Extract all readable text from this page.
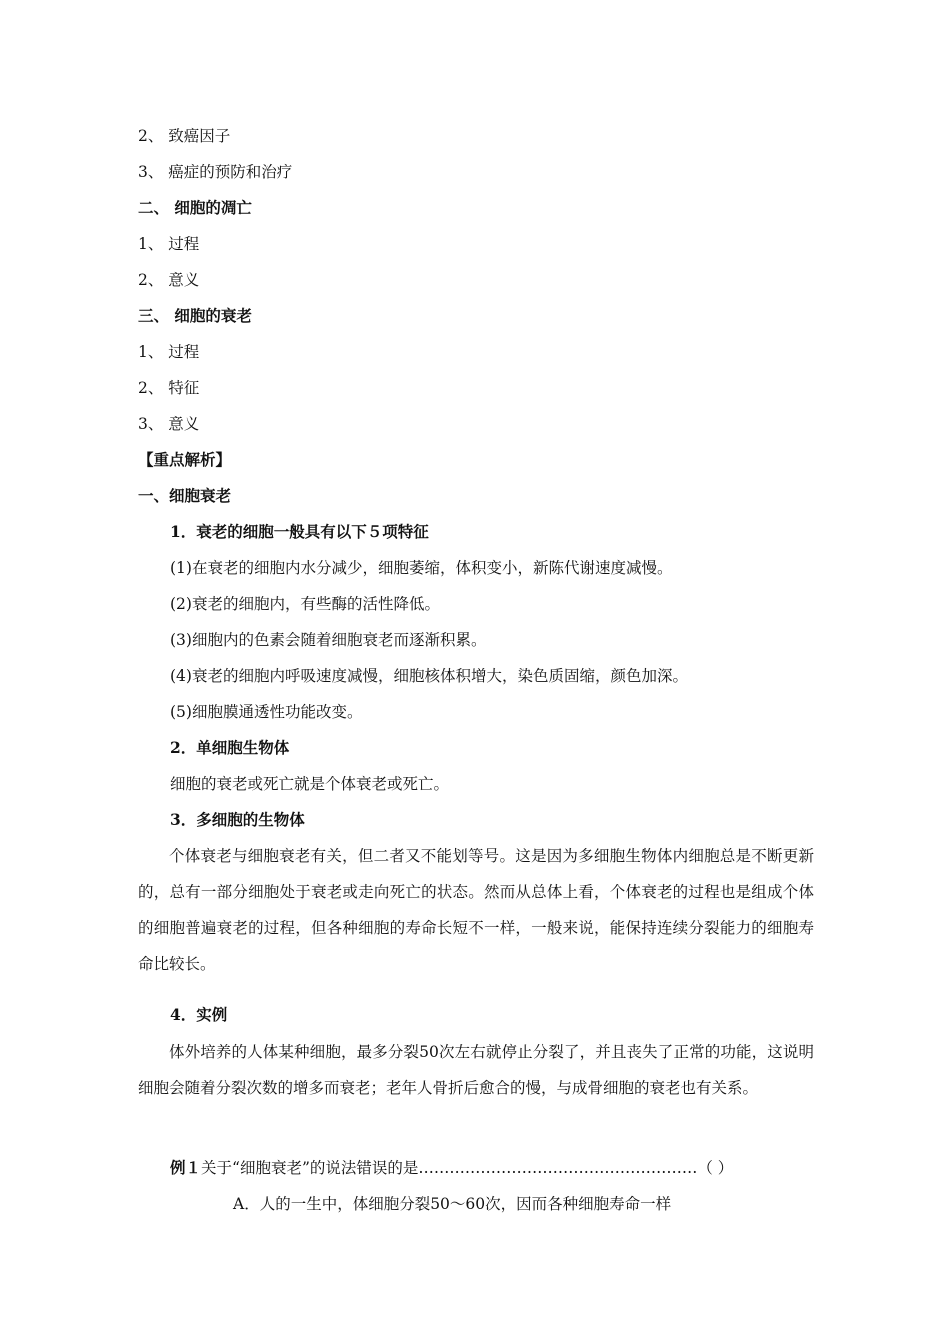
2、 致癌因子
3、 癌症的预防和治疗
二、 细胞的凋亡
1、 过程
2、 意义
三、 细胞的衰老
1、 过程
2、 特征
3、 意义
【重点解析】
一、细胞衰老
1．衰老的细胞一般具有以下５项特征
(1)在衰老的细胞内水分减少，细胞萎缩，体积变小，新陈代谢速度减慢。
(2)衰老的细胞内，有些酶的活性降低。
(3)细胞内的色素会随着细胞衰老而逐渐积累。
(4)衰老的细胞内呼吸速度减慢，细胞核体积增大，染色质固缩，颜色加深。
(5)细胞膜通透性功能改变。
2．单细胞生物体
细胞的衰老或死亡就是个体衰老或死亡。
3．多细胞的生物体
个体衰老与细胞衰老有关，但二者又不能划等号。这是因为多细胞生物体内细胞总是不断更新的，总有一部分细胞处于衰老或走向死亡的状态。然而从总体上看，个体衰老的过程也是组成个体的细胞普遍衰老的过程，但各种细胞的寿命长短不一样，一般来说，能保持连续分裂能力的细胞寿命比较长。
4．实例
体外培养的人体某种细胞，最多分裂50次左右就停止分裂了，并且丧失了正常的功能，这说明细胞会随着分裂次数的增多而衰老；老年人骨折后愈合的慢，与成骨细胞的衰老也有关系。
例１关于“细胞衰老”的说法错误的是………………………………………………（ ）
A．人的一生中，体细胞分裂50～60次，因而各种细胞寿命一样
